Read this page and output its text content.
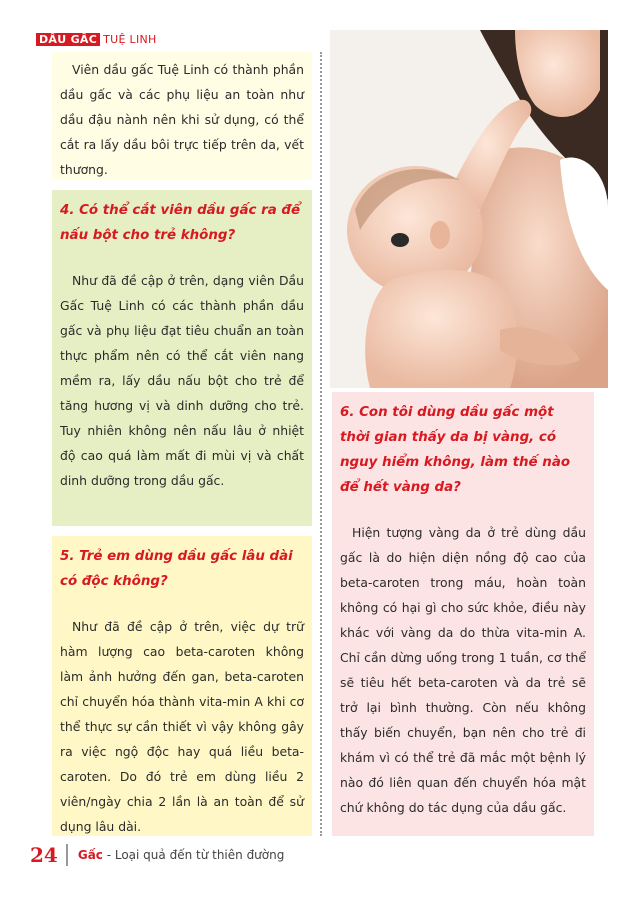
DẦU GẤC TUỆ LINH

Viên dầu gấc Tuệ Linh có thành phần dầu gấc và các phụ liệu an toàn như dầu đậu nành nên khi sử dụng, có thể cắt ra lấy dầu bôi trực tiếp trên da, vết thương.

4. Có thể cắt viên dầu gấc ra để nấu bột cho trẻ không?

Như đã đề cập ở trên, dạng viên Dầu Gấc Tuệ Linh có các thành phần dầu gấc và phụ liệu đạt tiêu chuẩn an toàn thực phẩm nên có thể cắt viên nang mềm ra, lấy dầu nấu bột cho trẻ để tăng hương vị và dinh dưỡng cho trẻ. Tuy nhiên không nên nấu lâu ở nhiệt độ cao quá làm mất đi mùi vị và chất dinh dưỡng trong dầu gấc.

5. Trẻ em dùng dầu gấc lâu dài có độc không?

Như đã đề cập ở trên, việc dự trữ hàm lượng cao beta-caroten không làm ảnh hưởng đến gan, beta-caroten chỉ chuyển hóa thành vita-min A khi cơ thể thực sự cần thiết vì vậy không gây ra việc ngộ độc hay quá liều beta-caroten. Do đó trẻ em dùng liều 2 viên/ngày chia 2 lần là an toàn để sử dụng lâu dài.

6. Con tôi dùng dầu gấc một thời gian thấy da bị vàng, có nguy hiểm không, làm thế nào để hết vàng da?

Hiện tượng vàng da ở trẻ dùng dầu gấc là do hiện diện nồng độ cao của beta-caroten trong máu, hoàn toàn không có hại gì cho sức khỏe, điều này khác với vàng da do thừa vita-min A. Chỉ cần dừng uống trong 1 tuần, cơ thể sẽ tiêu hết beta-caroten và da trẻ sẽ trở lại bình thường. Còn nếu không thấy biến chuyển, bạn nên cho trẻ đi khám vì có thể trẻ đã mắc một bệnh lý nào đó liên quan đến chuyển hóa mật chứ không do tác dụng của dầu gấc.

24 Gấc - Loại quả đến từ thiên đường
